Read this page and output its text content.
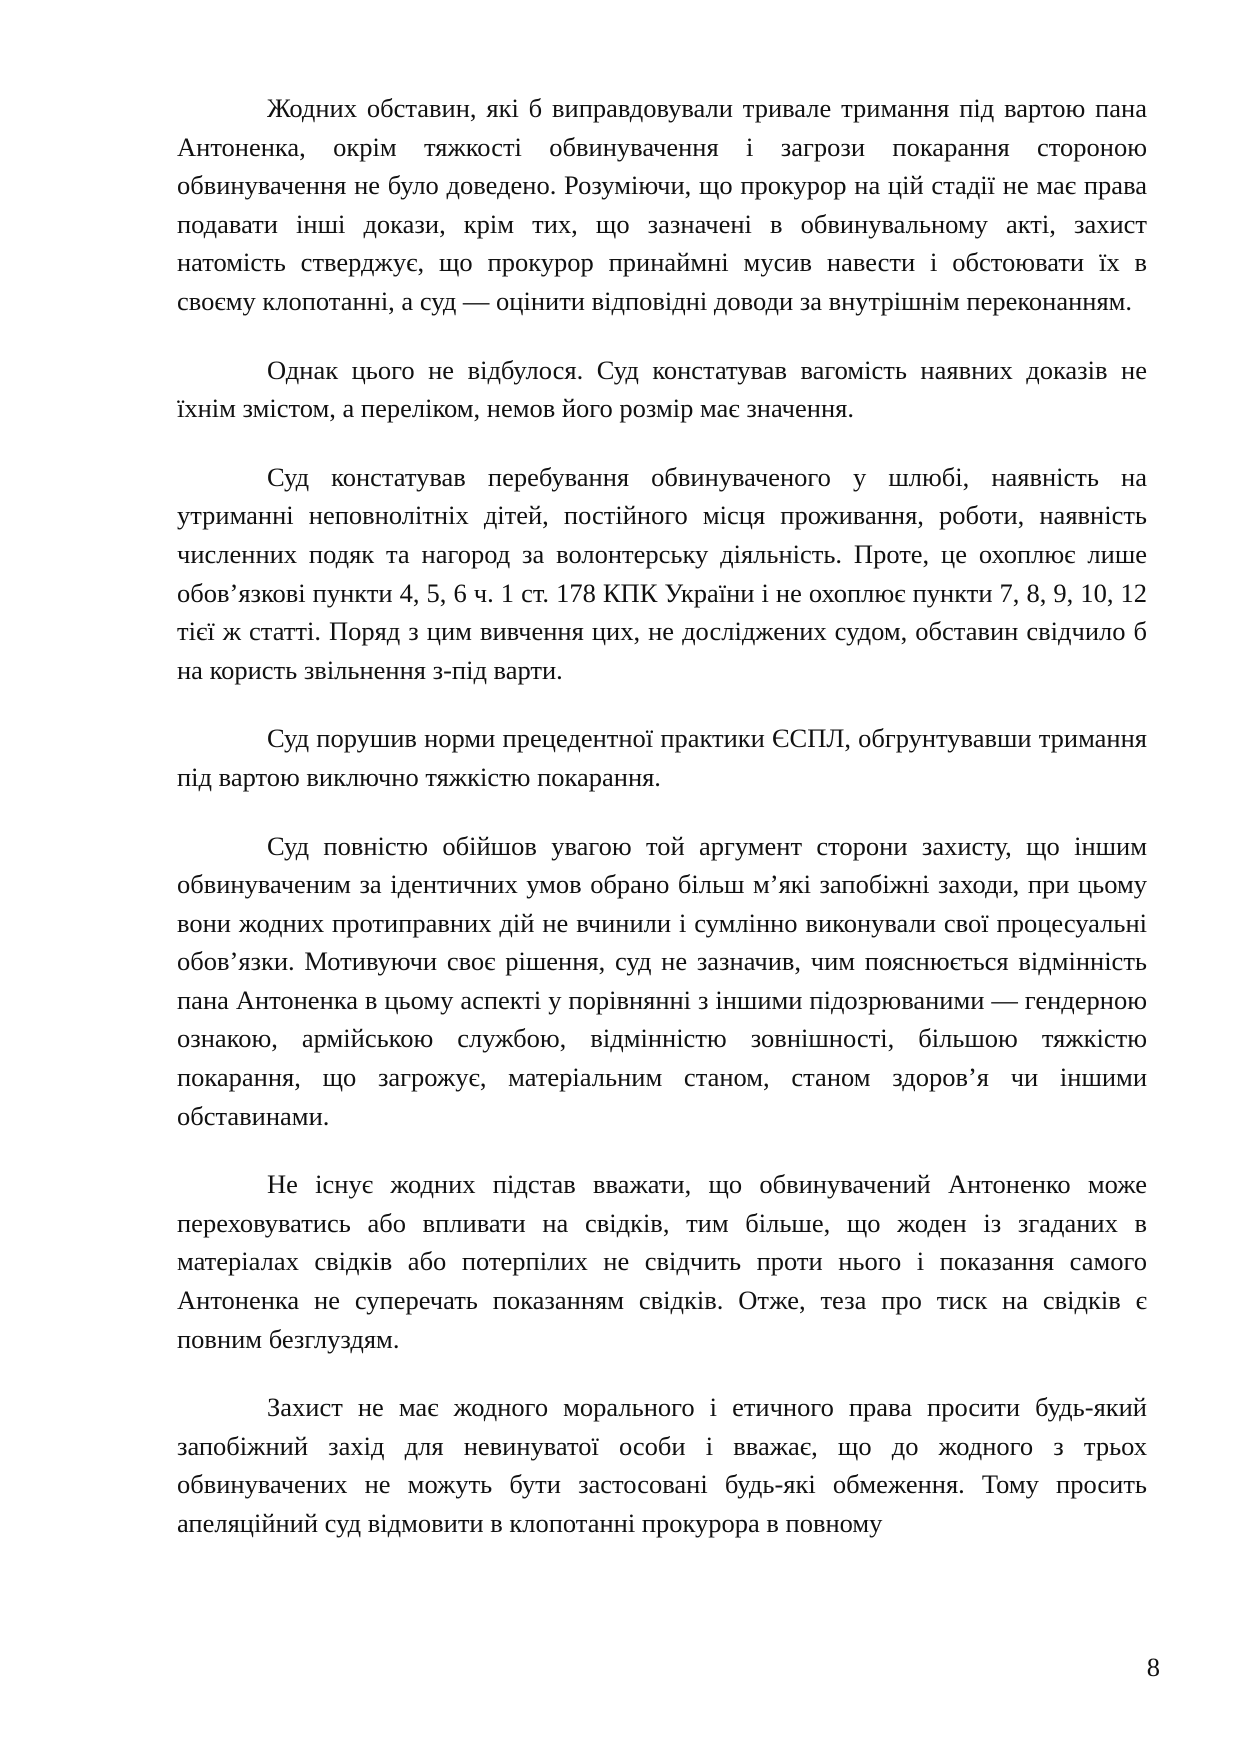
Жодних обставин, які б виправдовували тривале тримання під вартою пана Антоненка, окрім тяжкості обвинувачення і загрози покарання стороною обвинувачення не було доведено. Розуміючи, що прокурор на цій стадії не має права подавати інші докази, крім тих, що зазначені в обвинувальному акті, захист натомість стверджує, що прокурор принаймні мусив навести і обстоювати їх в своєму клопотанні, а суд — оцінити відповідні доводи за внутрішнім переконанням.

Однак цього не відбулося. Суд констатував вагомість наявних доказів не їхнім змістом, а переліком, немов його розмір має значення.

Суд констатував перебування обвинуваченого у шлюбі, наявність на утриманні неповнолітніх дітей, постійного місця проживання, роботи, наявність численних подяк та нагород за волонтерську діяльність. Проте, це охоплює лише обов’язкові пункти 4, 5, 6 ч. 1 ст. 178 КПК України і не охоплює пункти 7, 8, 9, 10, 12 тієї ж статті. Поряд з цим вивчення цих, не досліджених судом, обставин свідчило б на користь звільнення з-під варти.

Суд порушив норми прецедентної практики ЄСПЛ, обгрунтувавши тримання під вартою виключно тяжкістю покарання.

Суд повністю обійшов увагою той аргумент сторони захисту, що іншим обвинуваченим за ідентичних умов обрано більш м’які запобіжні заходи, при цьому вони жодних протиправних дій не вчинили і сумлінно виконували свої процесуальні обов’язки. Мотивуючи своє рішення, суд не зазначив, чим пояснюється відмінність пана Антоненка в цьому аспекті у порівнянні з іншими підозрюваними — гендерною ознакою, армійською службою, відмінністю зовнішності, більшою тяжкістю покарання, що загрожує, матеріальним станом, станом здоров’я чи іншими обставинами.

Не існує жодних підстав вважати, що обвинувачений Антоненко може переховуватись або впливати на свідків, тим більше, що жоден із згаданих в матеріалах свідків або потерпілих не свідчить проти нього і показання самого Антоненка не суперечать показанням свідків. Отже, теза про тиск на свідків є повним безглуздям.

Захист не має жодного морального і етичного права просити будь-який запобіжний захід для невинуватої особи і вважає, що до жодного з трьох обвинувачених не можуть бути застосовані будь-які обмеження. Тому просить апеляційний суд відмовити в клопотанні прокурора в повному

8
